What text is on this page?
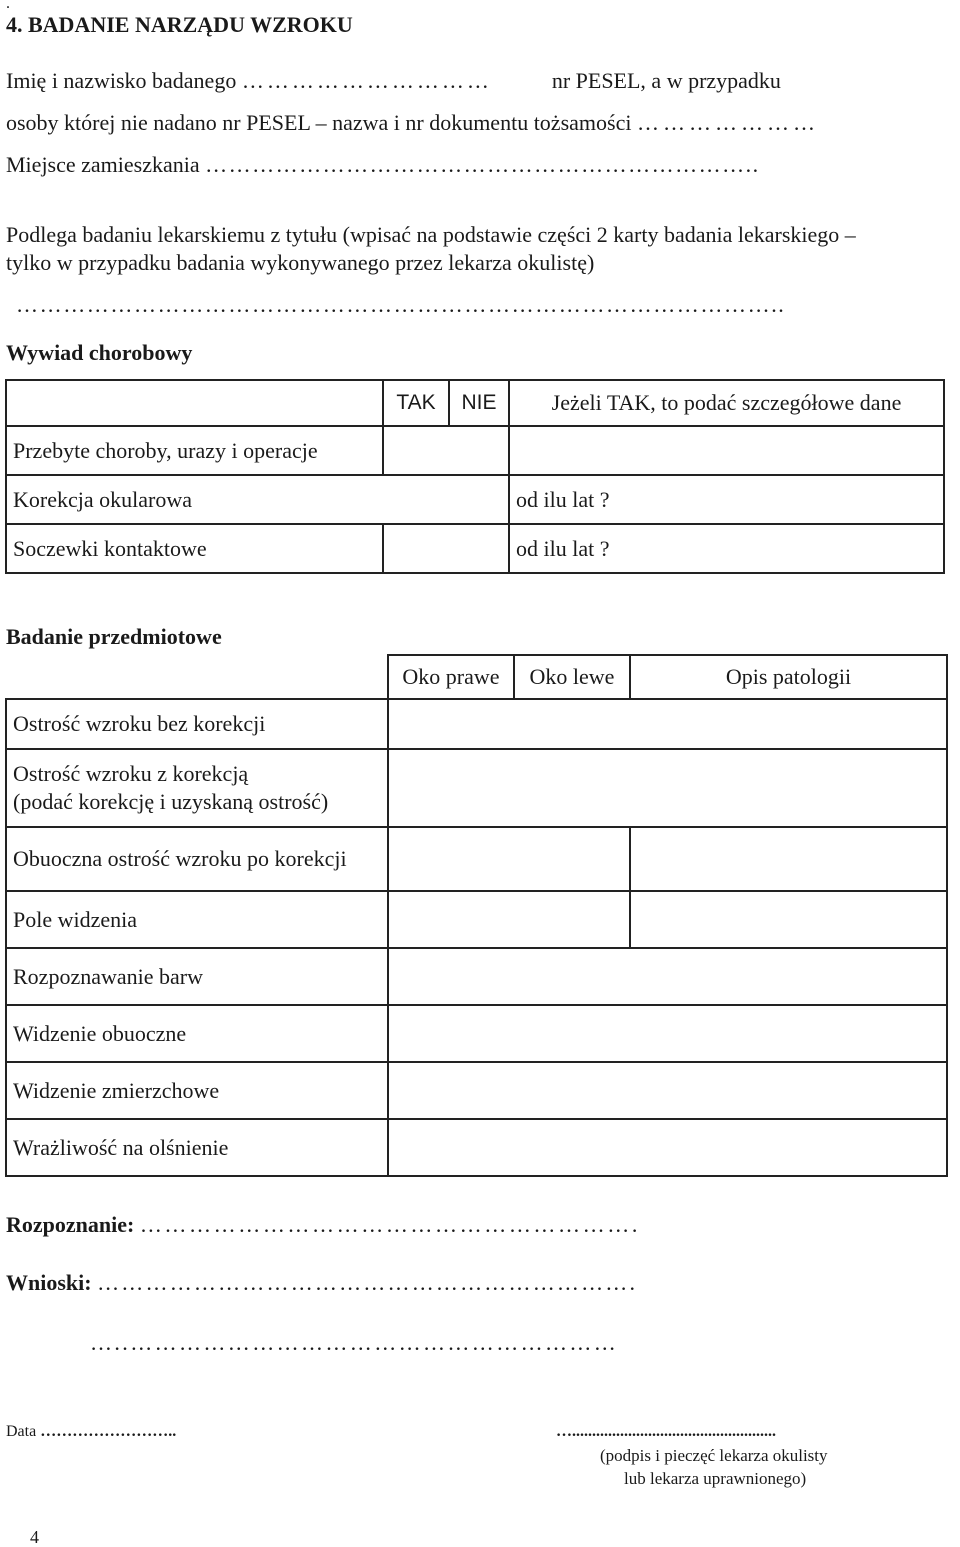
.
4. BADANIE NARZĄDU WZROKU
Imię i nazwisko badanego …………………………	nr PESEL, a w przypadku
osoby której nie nadano nr PESEL – nazwa i nr dokumentu tożsamości …………………
Miejsce zamieszkania ……………………………………………………………..
Podlega badaniu lekarskiemu z tytułu (wpisać na podstawie części 2 karty badania lekarskiego –
tylko w przypadku badania wykonywanego przez lekarza okulistę)
……………………………………………………………………………………..
Wywiad chorobowy
	TAK	NIE	Jeżeli TAK, to podać szczegółowe dane
Przebyte choroby, urazy i operacje			
Korekcja okularowa			od ilu lat ?
Soczewki kontaktowe			od ilu lat ?
Badanie przedmiotowe
	Oko prawe	Oko lewe	Opis patologii
Ostrość wzroku bez korekcji			

Ostrość wzroku z korekcją
(podać korekcję i uzyskaną ostrość)			

Obuoczna ostrość wzroku po korekcji			
Pole widzenia			
Rozpoznawanie barw			
Widzenie obuoczne			
Widzenie zmierzchowe			
Wrażliwość na olśnienie			
Rozpoznanie: …………………………………………………….
Wnioski: ………………………………………………………….
…..……………………………………………………
Data ……………………..	…...................................................
(podpis i pieczęć lekarza okulisty
lub lekarza uprawnionego)
4
